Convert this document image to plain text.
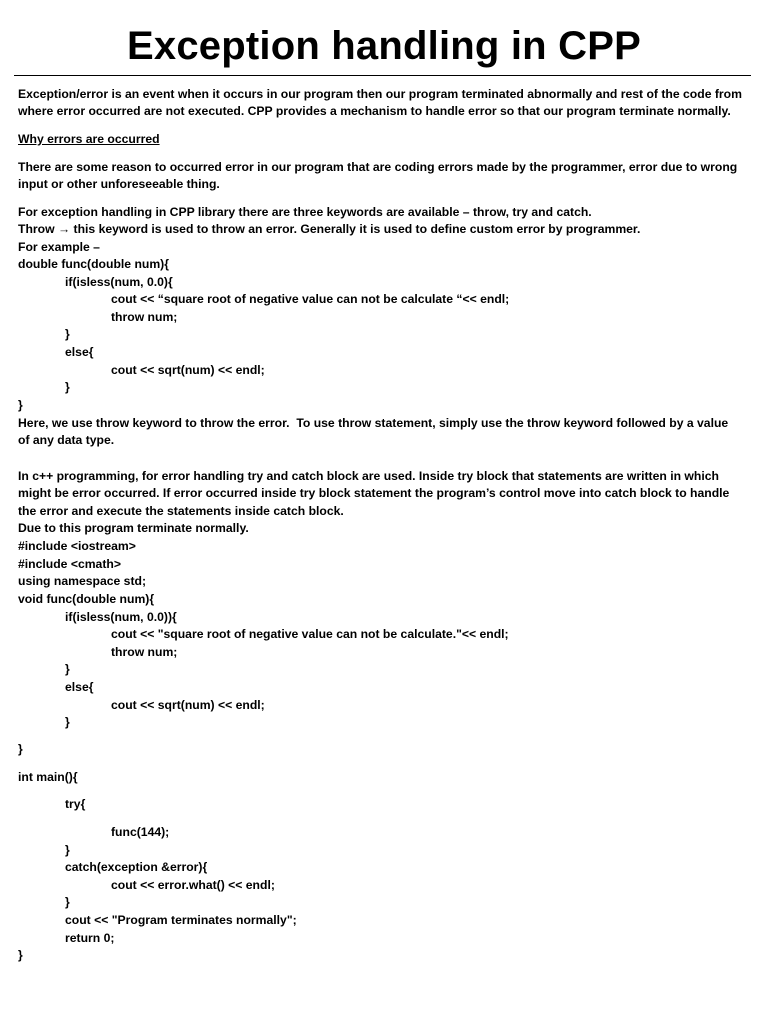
Exception handling in CPP
Exception/error is an event when it occurs in our program then our program terminated abnormally and rest of the code from
where error occurred are not executed. CPP provides a mechanism to handle error so that our program terminate normally.
Why errors are occurred
There are some reason to occurred error in our program that are coding errors made by the programmer, error due to wrong
input or other unforeseeable thing.
For exception handling in CPP library there are three keywords are available – throw, try and catch.
Throw → this keyword is used to throw an error. Generally it is used to define custom error by programmer.
For example –
double func(double num){
if(isless(num, 0.0){
cout << “square root of negative value can not be calculate “<< endl;
throw num;
}
else{
cout << sqrt(num) << endl;
}
}
Here, we use throw keyword to throw the error.  To use throw statement, simply use the throw keyword followed by a value
of any data type.
In c++ programming, for error handling try and catch block are used. Inside try block that statements are written in which
might be error occurred. If error occurred inside try block statement the program’s control move into catch block to handle
the error and execute the statements inside catch block.
Due to this program terminate normally.
#include <iostream>
#include <cmath>
using namespace std;
void func(double num){
if(isless(num, 0.0)){
cout << "square root of negative value can not be calculate."<< endl;
throw num;
}
else{
cout << sqrt(num) << endl;
}
}
int main(){
try{
func(144);
}
catch(exception &error){
cout << error.what() << endl;
}
cout << "Program terminates normally";
return 0;
}
